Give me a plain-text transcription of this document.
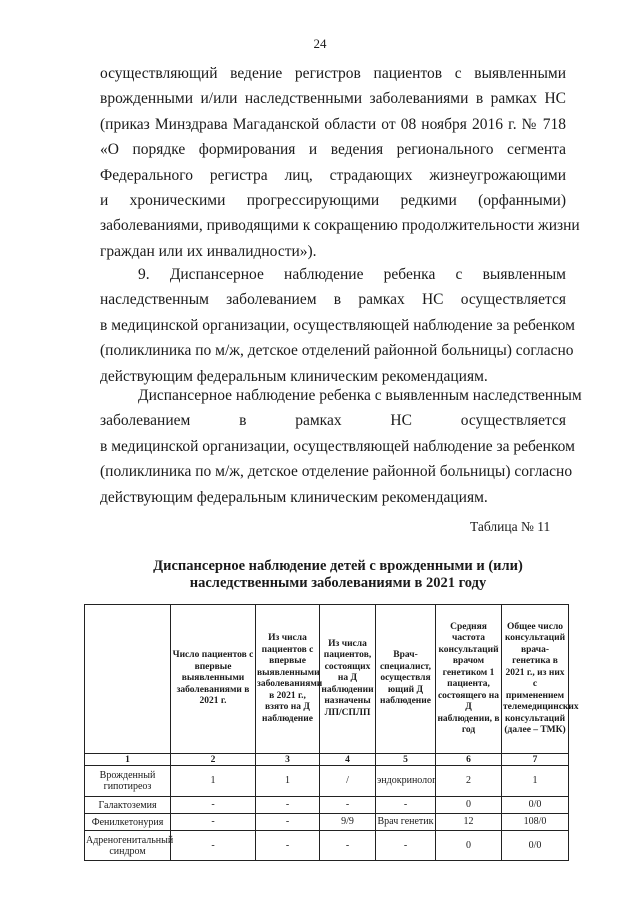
24
осуществляющий ведение регистров пациентов с выявленными
врожденными и/или наследственными заболеваниями в рамках НС
(приказ Минздрава Магаданской области от 08 ноября 2016 г. № 718
«О порядке формирования и ведения регионального сегмента
Федерального регистра лиц, страдающих жизнеугрожающими
и хроническими прогрессирующими редкими (орфанными)
заболеваниями, приводящими к сокращению продолжительности жизни
граждан или их инвалидности»).
9. Диспансерное наблюдение ребенка с выявленным
наследственным заболеванием в рамках НС осуществляется
в медицинской организации, осуществляющей наблюдение за ребенком
(поликлиника по м/ж, детское отделений районной больницы) согласно
действующим федеральным клиническим рекомендациям.
Диспансерное наблюдение ребенка с выявленным наследственным
заболеванием в рамках НС осуществляется
в медицинской организации, осуществляющей наблюдение за ребенком
(поликлиника по м/ж, детское отделение районной больницы) согласно
действующим федеральным клиническим рекомендациям.
Таблица № 11
Диспансерное наблюдение детей с врожденными и (или)
наследственными заболеваниями в 2021 году
	Число пациентов с впервые выявленными заболеваниями в 2021 г.	Из числа пациентов с впервые выявленными заболеваниями в 2021 г., взято на Д наблюдение	Из числа пациентов, состоящих на Д наблюдении назначены ЛП/СПЛП	Врач-специалист, осуществля ющий Д наблюдение	Средняя частота консультаций врачом генетиком 1 пациента, состоящего на Д наблюдении, в год	Общее число консультаций врача-генетика в 2021 г., из них с применением телемедицинских консультаций (далее – ТМК)
1	2	3	4	5	6	7
Врожденный гипотиреоз	1	1	/	эндокринолог	2	1
Галактоземия	-	-	-	-	0	0/0
Фенилкетонурия	-	-	9/9	Врач генетик	12	108/0
Адреногенитальный синдром	-	-	-	-	0	0/0
